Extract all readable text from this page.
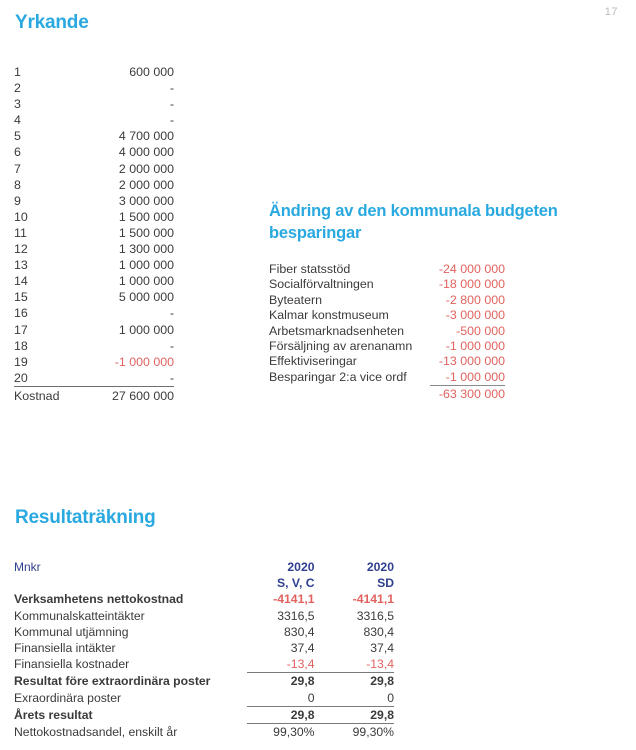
17
Yrkande
1	600 000
2	-
3	-
4	-
5	4 700 000
6	4 000 000
7	2 000 000
8	2 000 000
9	3 000 000
10	1 500 000
11	1 500 000
12	1 300 000
13	1 000 000
14	1 000 000
15	5 000 000
16	-
17	1 000 000
18	-
19	-1 000 000
20	-
Kostnad	27 600 000
Ändring av den kommunala budgeten
besparingar
Fiber statsstöd	-24 000 000
Socialförvaltningen	-18 000 000
Byteatern	-2 800 000
Kalmar konstmuseum	-3 000 000
Arbetsmarknadsenheten	-500 000
Försäljning av arenanamn	-1 000 000
Effektiviseringar	-13 000 000
Besparingar 2:a vice ordf	-1 000 000
	-63 300 000
Resultaträkning
Mnkr	2020	2020
	S, V, C	SD
Verksamhetens nettokostnad	-4141,1	-4141,1
Kommunalskatteintäkter	3316,5	3316,5
Kommunal utjämning	830,4	830,4
Finansiella intäkter	37,4	37,4
Finansiella kostnader	-13,4	-13,4
Resultat före extraordinära poster	29,8	29,8
Exraordinära poster	0	0
Årets resultat	29,8	29,8
Nettokostnadsandel, enskilt år	99,30%	99,30%
